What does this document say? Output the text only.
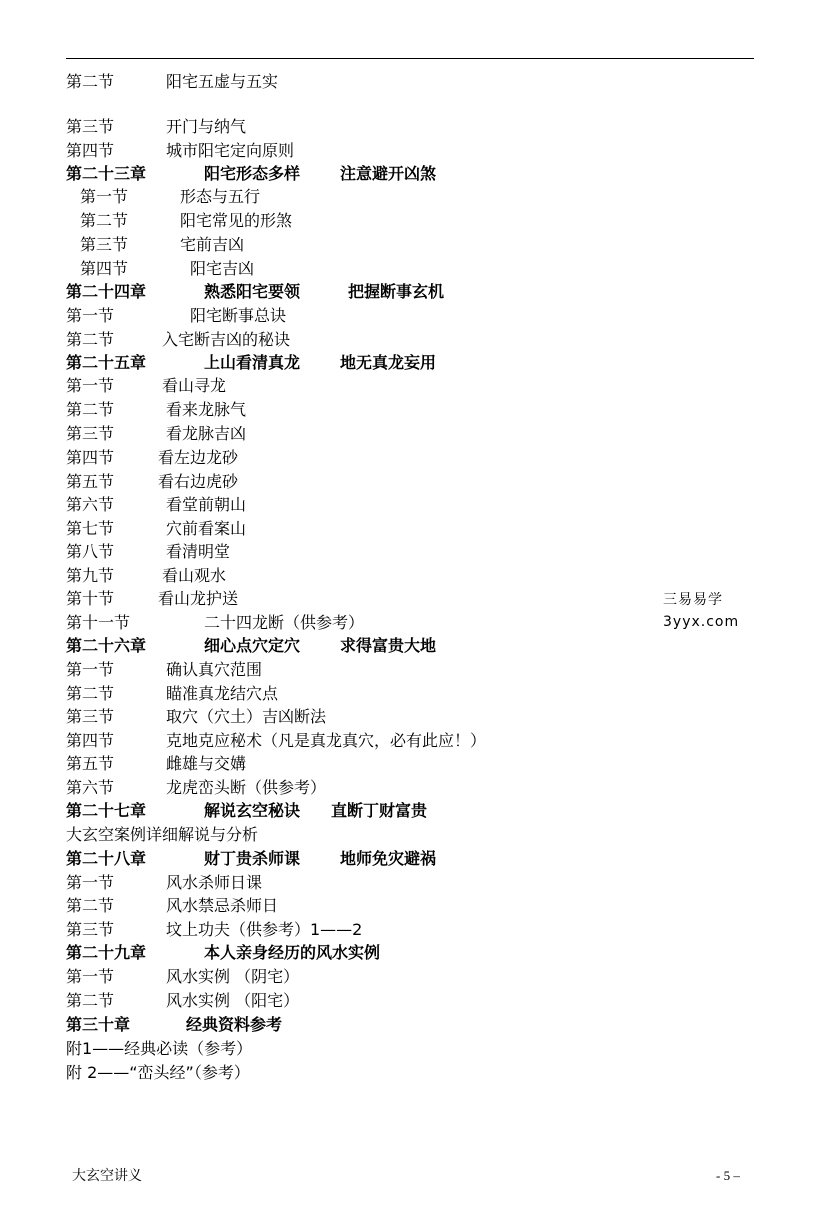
第二节	阳宅五虚与五实
第三节	开门与纳气
第四节	城市阳宅定向原则
第二十三章	阳宅形态多样 注意避开凶煞
第一节	形态与五行
第二节	阳宅常见的形煞
第三节	宅前吉凶
第四节	阳宅吉凶
第二十四章	熟悉阳宅要领	把握断事玄机
第一节	阳宅断事总诀
第二节	入宅断吉凶的秘诀
第二十五章	上山看清真龙 地无真龙妄用
第一节	看山寻龙
第二节	看来龙脉气
第三节	看龙脉吉凶
第四节	看左边龙砂
第五节	看右边虎砂
第六节	看堂前朝山
第七节	穴前看案山
第八节	看清明堂
第九节	看山观水
第十节	看山龙护送
第十一节	二十四龙断（供参考）
第二十六章	细心点穴定穴 求得富贵大地
第一节	确认真穴范围
第二节	瞄准真龙结穴点
第三节	取穴（穴土）吉凶断法
第四节	克地克应秘术（凡是真龙真穴，必有此应！）
第五节	雌雄与交媾
第六节	龙虎峦头断（供参考）
第二十七章	解说玄空秘诀 直断丁财富贵
大玄空案例详细解说与分析
第二十八章	财丁贵杀师课 地师免灾避祸
第一节	风水杀师日课
第二节	风水禁忌杀师日
第三节	坟上功夫（供参考）1——2
第二十九章	本人亲身经历的风水实例
第一节	风水实例 （阴宅）
第二节	风水实例 （阳宅）
第三十章	经典资料参考
附1——经典必读（参考）
附 2——“峦头经”（参考）
三易易学
3yyx.com
大玄空讲义	- 5 –
